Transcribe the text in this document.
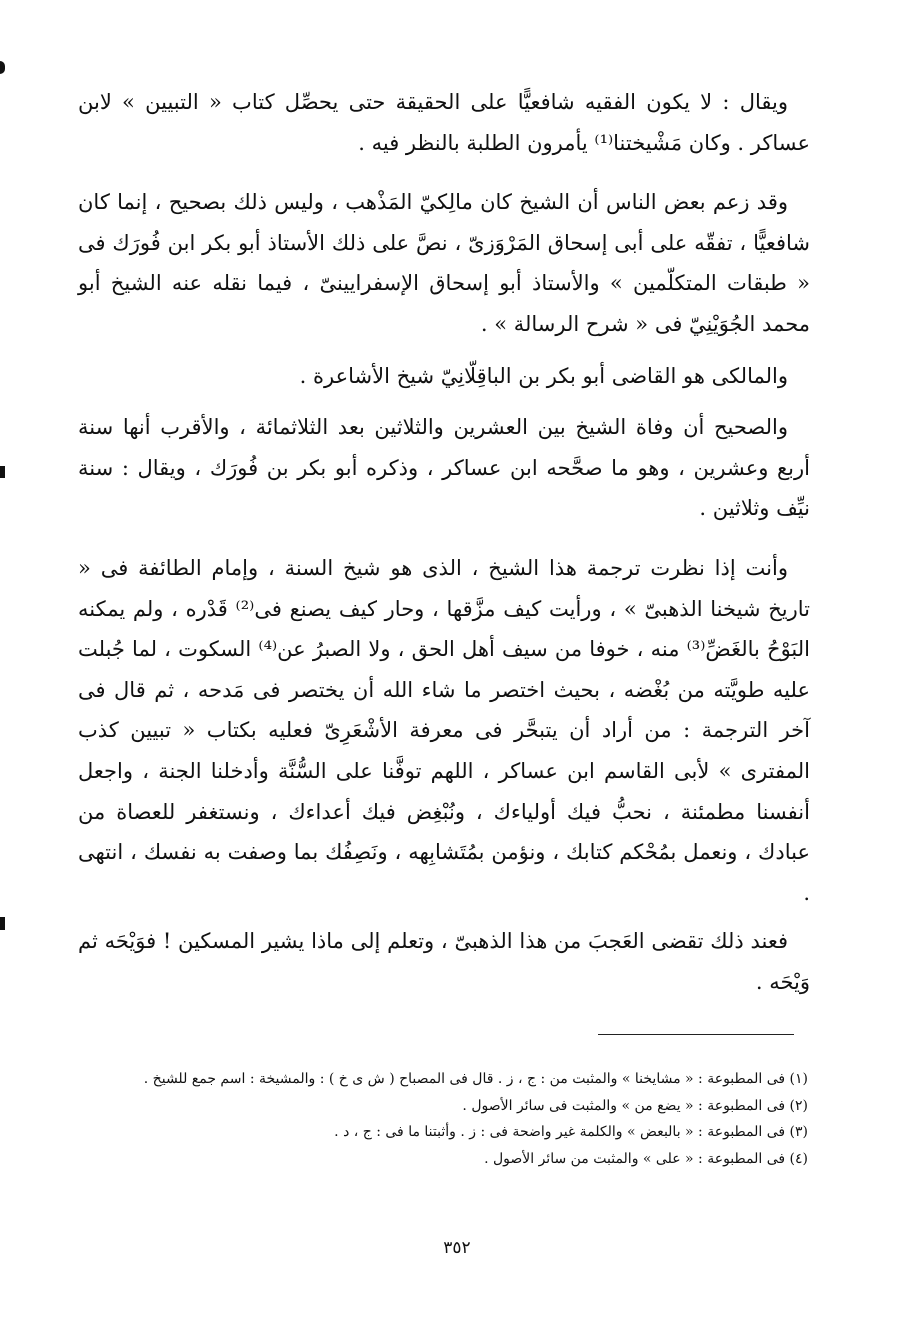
ويقال : لا يكون الفقيه شافعيًّا على الحقيقة حتى يحصِّل كتاب « التبيين » لابن عساكر . وكان مَشْيختنا⁽¹⁾ يأمرون الطلبة بالنظر فيه .

وقد زعم بعض الناس أن الشيخ كان مالِكيّ المَذْهب ، وليس ذلك بصحيح ، إنما كان شافعيًّا ، تفقّه على أبى إسحاق المَرْوَزىّ ، نصَّ على ذلك الأستاذ أبو بكر ابن فُورَك فى « طبقات المتكلّمين » والأستاذ أبو إسحاق الإسفرايينىّ ، فيما نقله عنه الشيخ أبو محمد الجُوَيْنِيّ فى « شرح الرسالة » .

والمالكى هو القاضى أبو بكر بن الباقِلّانِيّ شيخ الأشاعرة .

والصحيح أن وفاة الشيخ بين العشرين والثلاثين بعد الثلاثمائة ، والأقرب أنها سنة أربع وعشرين ، وهو ما صحَّحه ابن عساكر ، وذكره أبو بكر بن فُورَك ، ويقال : سنة نيِّف وثلاثين .

وأنت إذا نظرت ترجمة هذا الشيخ ، الذى هو شيخ السنة ، وإمام الطائفة فى « تاريخ شيخنا الذهبىّ » ، ورأيت كيف مزَّقها ، وحار كيف يصنع فى⁽²⁾ قَدْره ، ولم يمكنه البَوْحُ بالغَضِّ⁽³⁾ منه ، خوفا من سيف أهل الحق ، ولا الصبرُ عن⁽⁴⁾ السكوت ، لما جُبلت عليه طويَّته من بُغْضه ، بحيث اختصر ما شاء الله أن يختصر فى مَدحه ، ثم قال فى آخر الترجمة : من أراد أن يتبحَّر فى معرفة الأشْعَرِىّ فعليه بكتاب « تبيين كذب المفترى » لأبى القاسم ابن عساكر ، اللهم توفَّنا على السُّنَّة وأدخلنا الجنة ، واجعل أنفسنا مطمئنة ، نحبُّ فيك أولياءك ، ونُبْغِض فيك أعداءك ، ونستغفر للعصاة من عبادك ، ونعمل بمُحْكم كتابك ، ونؤمن بمُتَشابِهه ، ونَصِفُك بما وصفت به نفسك ، انتهى .

فعند ذلك تقضى العَجبَ من هذا الذهبىّ ، وتعلم إلى ماذا يشير المسكين ! فوَيْحَه ثم وَيْحَه .

(١) فى المطبوعة : « مشايخنا » والمثبت من : ج ، ز . قال فى المصباح ( ش ى خ ) : والمشيخة : اسم جمع للشيخ .

(٢) فى المطبوعة : « يضع من » والمثبت فى سائر الأصول .

(٣) فى المطبوعة : « بالبعض » والكلمة غير واضحة فى : ز . وأثبتنا ما فى : ج ، د .

(٤) فى المطبوعة : « على » والمثبت من سائر الأصول .

٣٥٢
